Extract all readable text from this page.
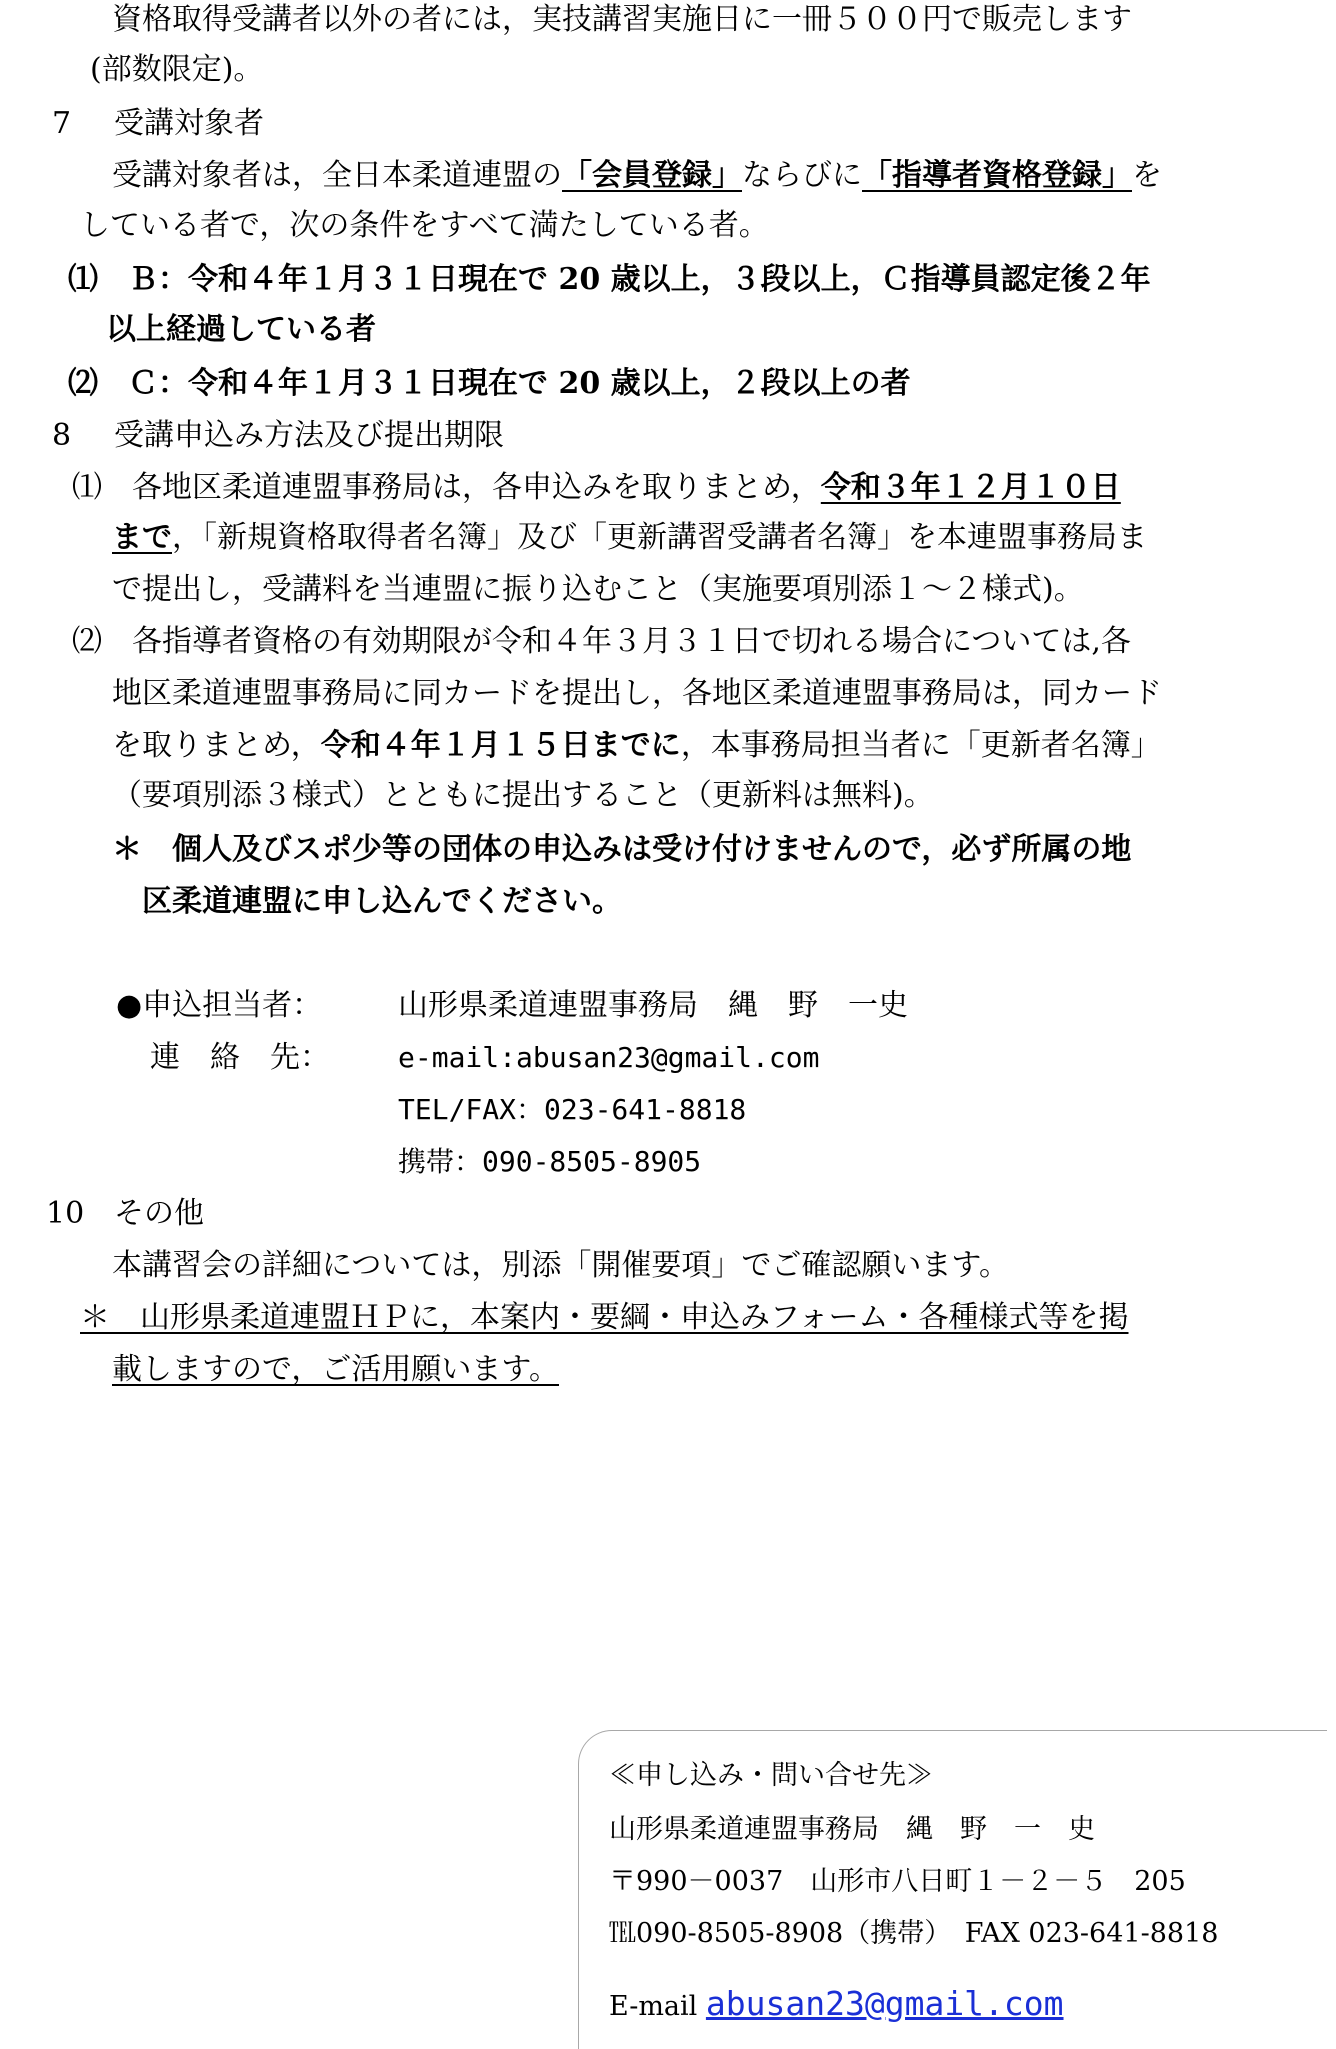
資格取得受講者以外の者には，実技講習実施日に一冊５００円で販売します
(部数限定)。
7 受講対象者
受講対象者は，全日本柔道連盟の「会員登録」ならびに「指導者資格登録」を
している者で，次の条件をすべて満たしている者。
⑴　Ｂ：令和４年１月３１日現在で 20 歳以上，３段以上，Ｃ指導員認定後２年
以上経過している者
⑵　Ｃ：令和４年１月３１日現在で 20 歳以上，２段以上の者
8 受講申込み方法及び提出期限
⑴　各地区柔道連盟事務局は，各申込みを取りまとめ，令和３年１２月１０日
まで，「新規資格取得者名簿」及び「更新講習受講者名簿」を本連盟事務局ま
で提出し，受講料を当連盟に振り込むこと（実施要項別添１～２様式)。
⑵　各指導者資格の有効期限が令和４年３月３１日で切れる場合については,各
地区柔道連盟事務局に同カードを提出し，各地区柔道連盟事務局は，同カード
を取りまとめ，令和４年１月１５日までに，本事務局担当者に「更新者名簿」
（要項別添３様式）とともに提出すること（更新料は無料)。
＊　個人及びスポ少等の団体の申込みは受け付けませんので，必ず所属の地
区柔道連盟に申し込んでください。
●申込担当者：	山形県柔道連盟事務局　縄　野　一史
連　絡　先： e-mail:abusan23@gmail.com
TEL/FAX：023-641-8818
携帯：090-8505-8905
10 その他
本講習会の詳細については，別添「開催要項」でご確認願います。
＊　山形県柔道連盟ＨＰに，本案内・要綱・申込みフォーム・各種様式等を掲
載しますので，ご活用願います。
≪申し込み・問い合せ先≫
山形県柔道連盟事務局　縄　野　一　史
〒990－0037　山形市八日町１－２－５　205
℡090‐8505‐8908（携帯）　FAX 023‐641‐8818
E-mail abusan23@gmail.com
